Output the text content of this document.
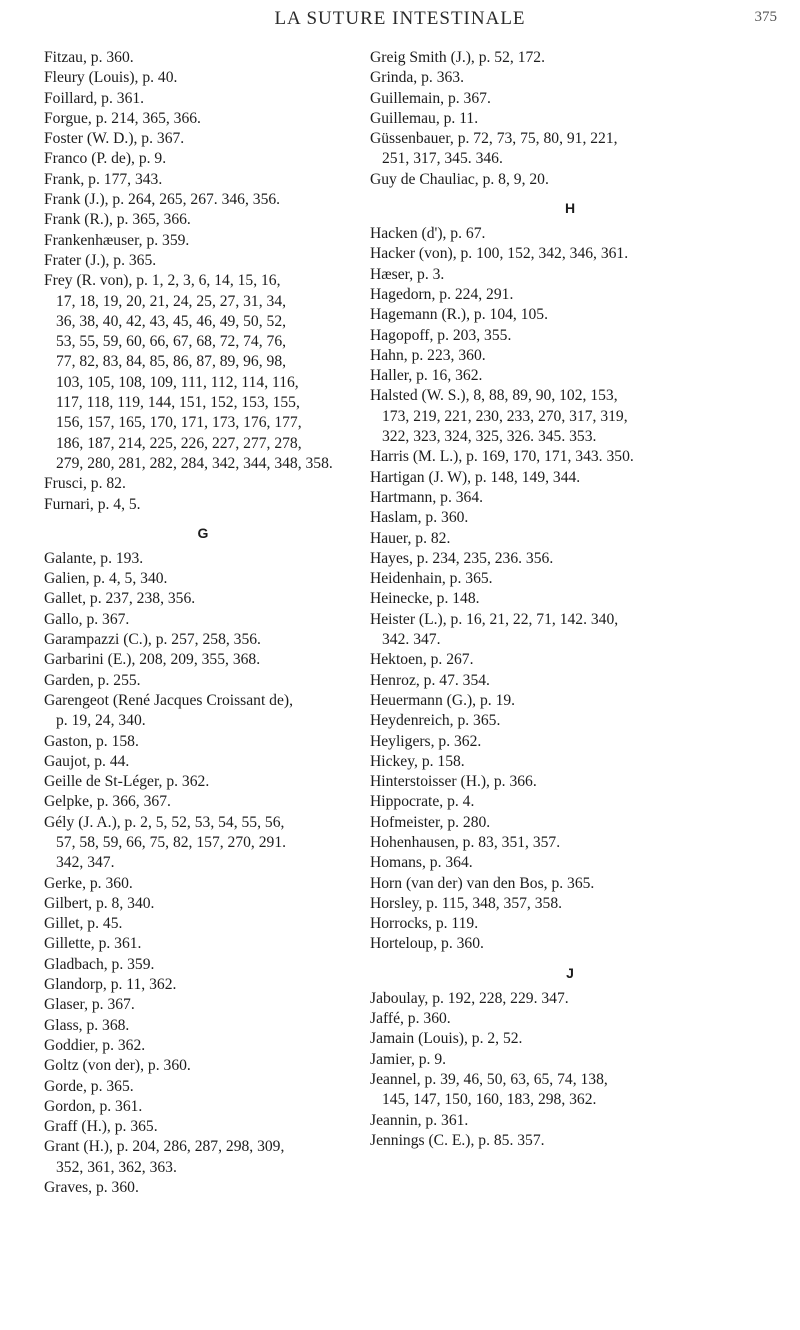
LA SUTURE INTESTINALE	375

Fitzau, p. 360.

Fleury (Louis), p. 40.

Foillard, p. 361.

Forgue, p. 214, 365, 366.

Foster (W. D.), p. 367.

Franco (P. de), p. 9.

Frank, p. 177, 343.

Frank (J.), p. 264, 265, 267. 346, 356.

Frank (R.), p. 365, 366.

Frankenhæuser, p. 359.

Frater (J.), p. 365.

Frey (R. von), p. 1, 2, 3, 6, 14, 15, 16,
17, 18, 19, 20, 21, 24, 25, 27, 31, 34,
36, 38, 40, 42, 43, 45, 46, 49, 50, 52,
53, 55, 59, 60, 66, 67, 68, 72, 74, 76,
77, 82, 83, 84, 85, 86, 87, 89, 96, 98,
103, 105, 108, 109, 111, 112, 114, 116,
117, 118, 119, 144, 151, 152, 153, 155,
156, 157, 165, 170, 171, 173, 176, 177,
186, 187, 214, 225, 226, 227, 277, 278,
279, 280, 281, 282, 284, 342, 344, 348, 358.

Frusci, p. 82.

Furnari, p. 4, 5.

G

Galante, p. 193.

Galien, p. 4, 5, 340.

Gallet, p. 237, 238, 356.

Gallo, p. 367.

Garampazzi (C.), p. 257, 258, 356.

Garbarini (E.), 208, 209, 355, 368.

Garden, p. 255.

Garengeot (René Jacques Croissant de),
p. 19, 24, 340.

Gaston, p. 158.

Gaujot, p. 44.

Geille de St-Léger, p. 362.

Gelpke, p. 366, 367.

Gély (J. A.), p. 2, 5, 52, 53, 54, 55, 56,
57, 58, 59, 66, 75, 82, 157, 270, 291.
342, 347.

Gerke, p. 360.

Gilbert, p. 8, 340.

Gillet, p. 45.

Gillette, p. 361.

Gladbach, p. 359.

Glandorp, p. 11, 362.

Glaser, p. 367.

Glass, p. 368.

Goddier, p. 362.

Goltz (von der), p. 360.

Gorde, p. 365.

Gordon, p. 361.

Graff (H.), p. 365.

Grant (H.), p. 204, 286, 287, 298, 309,
352, 361, 362, 363.

Graves, p. 360.

Greig Smith (J.), p. 52, 172.

Grinda, p. 363.

Guillemain, p. 367.

Guillemau, p. 11.

Güssenbauer, p. 72, 73, 75, 80, 91, 221,
251, 317, 345. 346.

Guy de Chauliac, p. 8, 9, 20.

H

Hacken (d'), p. 67.

Hacker (von), p. 100, 152, 342, 346, 361.

Hæser, p. 3.

Hagedorn, p. 224, 291.

Hagemann (R.), p. 104, 105.

Hagopoff, p. 203, 355.

Hahn, p. 223, 360.

Haller, p. 16, 362.

Halsted (W. S.), 8, 88, 89, 90, 102, 153,
173, 219, 221, 230, 233, 270, 317, 319,
322, 323, 324, 325, 326. 345. 353.

Harris (M. L.), p. 169, 170, 171, 343. 350.

Hartigan (J. W), p. 148, 149, 344.

Hartmann, p. 364.

Haslam, p. 360.

Hauer, p. 82.

Hayes, p. 234, 235, 236. 356.

Heidenhain, p. 365.

Heinecke, p. 148.

Heister (L.), p. 16, 21, 22, 71, 142. 340,
342. 347.

Hektoen, p. 267.

Henroz, p. 47. 354.

Heuermann (G.), p. 19.

Heydenreich, p. 365.

Heyligers, p. 362.

Hickey, p. 158.

Hinterstoisser (H.), p. 366.

Hippocrate, p. 4.

Hofmeister, p. 280.

Hohenhausen, p. 83, 351, 357.

Homans, p. 364.

Horn (van der) van den Bos, p. 365.

Horsley, p. 115, 348, 357, 358.

Horrocks, p. 119.

Horteloup, p. 360.

J

Jaboulay, p. 192, 228, 229. 347.

Jaffé, p. 360.

Jamain (Louis), p. 2, 52.

Jamier, p. 9.

Jeannel, p. 39, 46, 50, 63, 65, 74, 138,
145, 147, 150, 160, 183, 298, 362.

Jeannin, p. 361.

Jennings (C. E.), p. 85. 357.
